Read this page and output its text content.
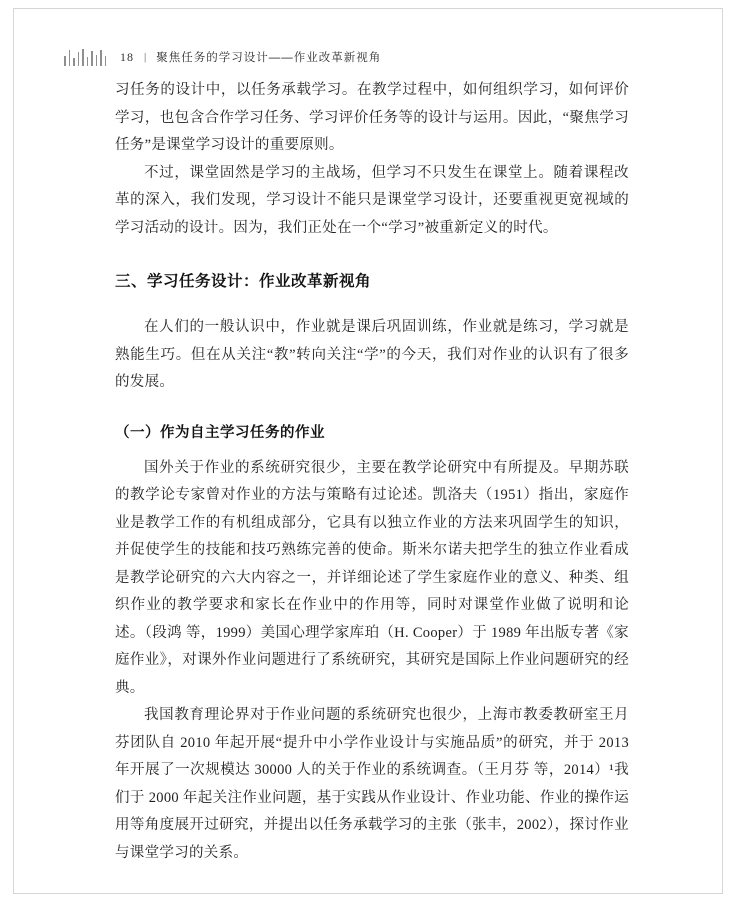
18 | 聚焦任务的学习设计——作业改革新视角

习任务的设计中，以任务承载学习。在教学过程中，如何组织学习，如何评价学习，也包含合作学习任务、学习评价任务等的设计与运用。因此，“聚焦学习任务”是课堂学习设计的重要原则。

不过，课堂固然是学习的主战场，但学习不只发生在课堂上。随着课程改革的深入，我们发现，学习设计不能只是课堂学习设计，还要重视更宽视域的学习活动的设计。因为，我们正处在一个“学习”被重新定义的时代。

三、学习任务设计：作业改革新视角

在人们的一般认识中，作业就是课后巩固训练，作业就是练习，学习就是熟能生巧。但在从关注“教”转向关注“学”的今天，我们对作业的认识有了很多的发展。

（一）作为自主学习任务的作业

国外关于作业的系统研究很少，主要在教学论研究中有所提及。早期苏联的教学论专家曾对作业的方法与策略有过论述。凯洛夫（1951）指出，家庭作业是教学工作的有机组成部分，它具有以独立作业的方法来巩固学生的知识，并促使学生的技能和技巧熟练完善的使命。斯米尔诺夫把学生的独立作业看成是教学论研究的六大内容之一，并详细论述了学生家庭作业的意义、种类、组织作业的教学要求和家长在作业中的作用等，同时对课堂作业做了说明和论述。（段鸿 等，1999）美国心理学家库珀（H. Cooper）于 1989 年出版专著《家庭作业》，对课外作业问题进行了系统研究，其研究是国际上作业问题研究的经典。

我国教育理论界对于作业问题的系统研究也很少，上海市教委教研室王月芬团队自 2010 年起开展“提升中小学作业设计与实施品质”的研究，并于 2013 年开展了一次规模达 30000 人的关于作业的系统调查。（王月芬 等，2014）¹我们于 2000 年起关注作业问题，基于实践从作业设计、作业功能、作业的操作运用等角度展开过研究，并提出以任务承载学习的主张（张丰，2002），探讨作业与课堂学习的关系。
